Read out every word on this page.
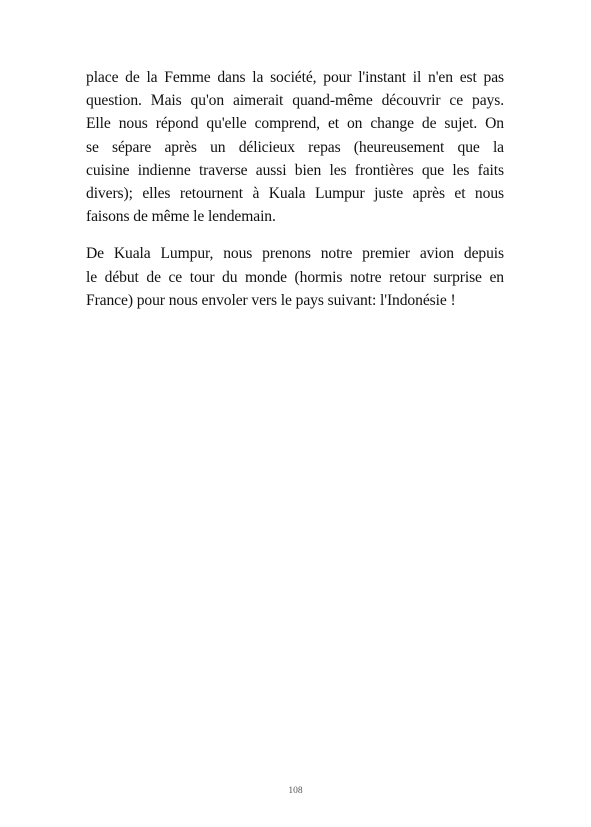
place de la Femme dans la société, pour l'instant il n'en est pas
question. Mais qu'on aimerait quand-même découvrir ce pays.
Elle nous répond qu'elle comprend, et on change de sujet. On
se sépare après un délicieux repas (heureusement que la
cuisine indienne traverse aussi bien les frontières que les faits
divers); elles retournent à Kuala Lumpur juste après et nous
faisons de même le lendemain.

De Kuala Lumpur, nous prenons notre premier avion depuis
le début de ce tour du monde (hormis notre retour surprise en
France) pour nous envoler vers le pays suivant: l'Indonésie !

108
